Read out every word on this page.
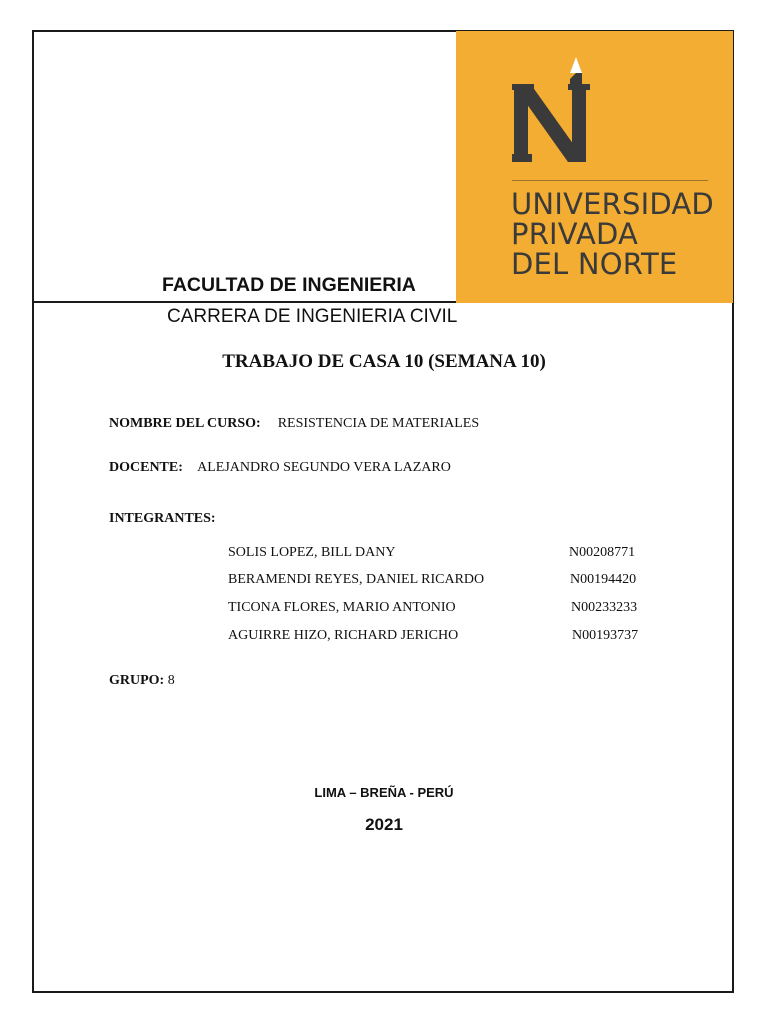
UNIVERSIDAD
PRIVADA
DEL NORTE
FACULTAD DE INGENIERIA
CARRERA DE INGENIERIA CIVIL
TRABAJO DE CASA 10 (SEMANA 10)
NOMBRE DEL CURSO: RESISTENCIA DE MATERIALES
DOCENTE: ALEJANDRO SEGUNDO VERA LAZARO
INTEGRANTES:
SOLIS LOPEZ, BILL DANY	N00208771
BERAMENDI REYES, DANIEL RICARDO	N00194420
TICONA FLORES, MARIO ANTONIO	N00233233
AGUIRRE HIZO, RICHARD JERICHO	N00193737
GRUPO: 8
LIMA – BREÑA - PERÚ
2021
